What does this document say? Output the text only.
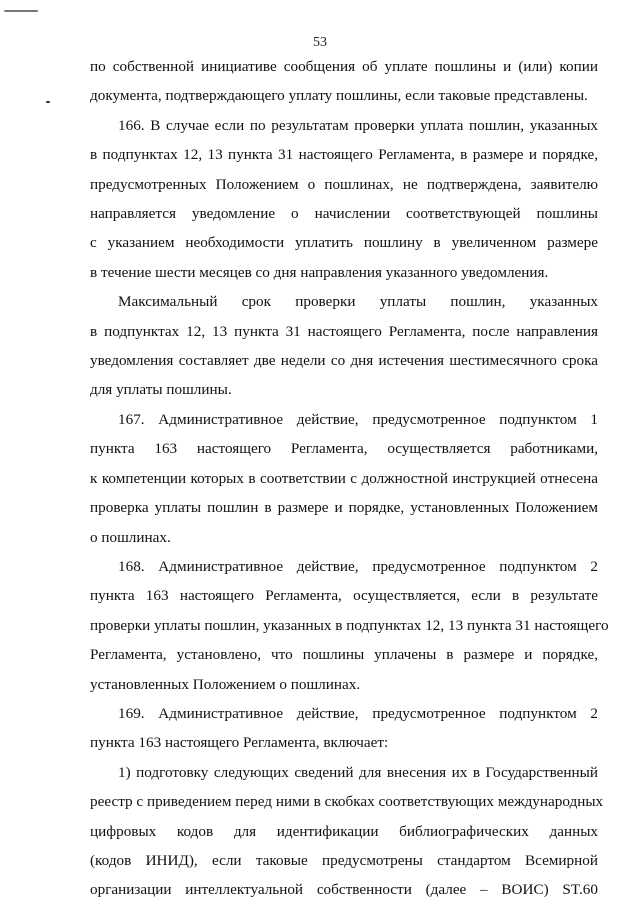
53
по собственной инициативе сообщения об уплате пошлины и (или) копии
документа, подтверждающего уплату пошлины, если таковые представлены.
166. В случае если по результатам проверки уплата пошлин, указанных
в подпунктах 12, 13 пункта 31 настоящего Регламента, в размере и порядке,
предусмотренных Положением о пошлинах, не подтверждена, заявителю
направляется уведомление о начислении соответствующей пошлины
с указанием необходимости уплатить пошлину в увеличенном размере
в течение шести месяцев со дня направления указанного уведомления.
Максимальный срок проверки уплаты пошлин, указанных
в подпунктах 12, 13 пункта 31 настоящего Регламента, после направления
уведомления составляет две недели со дня истечения шестимесячного срока
для уплаты пошлины.
167. Административное действие, предусмотренное подпунктом 1
пункта 163 настоящего Регламента, осуществляется работниками,
к компетенции которых в соответствии с должностной инструкцией отнесена
проверка уплаты пошлин в размере и порядке, установленных Положением
о пошлинах.
168. Административное действие, предусмотренное подпунктом 2
пункта 163 настоящего Регламента, осуществляется, если в результате
проверки уплаты пошлин, указанных в подпунктах 12, 13 пункта 31 настоящего
Регламента, установлено, что пошлины уплачены в размере и порядке,
установленных Положением о пошлинах.
169. Административное действие, предусмотренное подпунктом 2
пункта 163 настоящего Регламента, включает:
1) подготовку следующих сведений для внесения их в Государственный
реестр с приведением перед ними в скобках соответствующих международных
цифровых кодов для идентификации библиографических данных
(кодов ИНИД), если таковые предусмотрены стандартом Всемирной
организации интеллектуальной собственности (далее – ВОИС) ST.60
